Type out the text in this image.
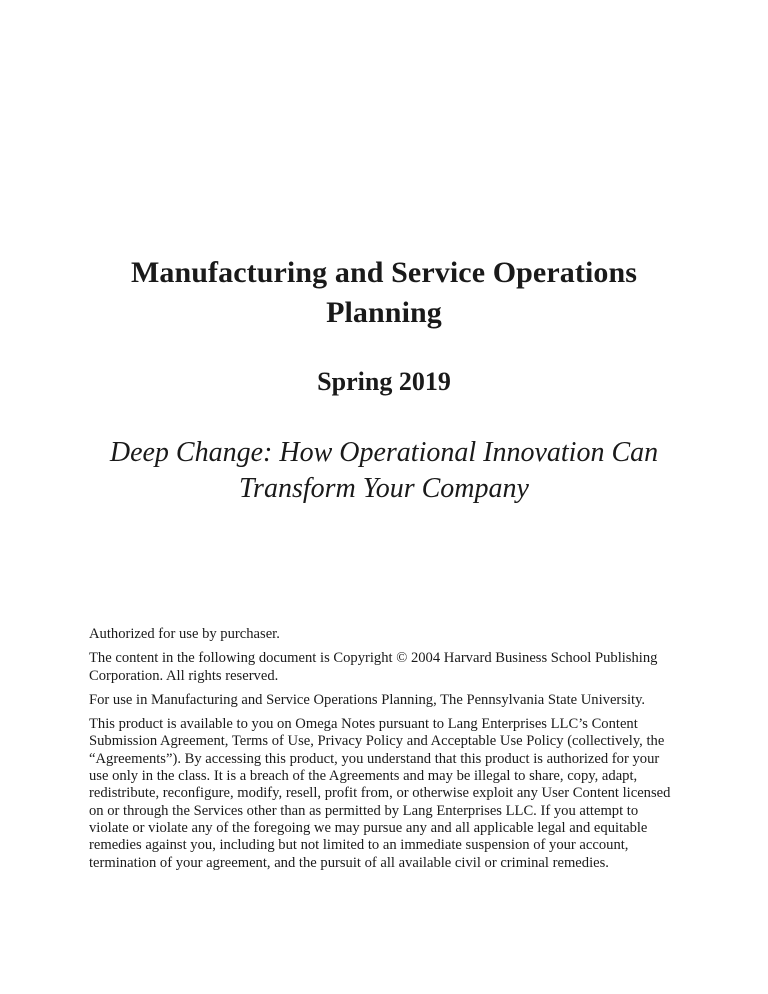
Manufacturing and Service Operations Planning
Spring 2019

Deep Change: How Operational Innovation Can Transform Your Company

Authorized for use by purchaser.

The content in the following document is Copyright © 2004 Harvard Business School Publishing Corporation. All rights reserved.

For use in Manufacturing and Service Operations Planning, The Pennsylvania State University.

This product is available to you on Omega Notes pursuant to Lang Enterprises LLC’s Content Submission Agreement, Terms of Use, Privacy Policy and Acceptable Use Policy (collectively, the “Agreements”). By accessing this product, you understand that this product is authorized for your use only in the class. It is a breach of the Agreements and may be illegal to share, copy, adapt, redistribute, reconfigure, modify, resell, profit from, or otherwise exploit any User Content licensed on or through the Services other than as permitted by Lang Enterprises LLC. If you attempt to violate or violate any of the foregoing we may pursue any and all applicable legal and equitable remedies against you, including but not limited to an immediate suspension of your account, termination of your agreement, and the pursuit of all available civil or criminal remedies.
